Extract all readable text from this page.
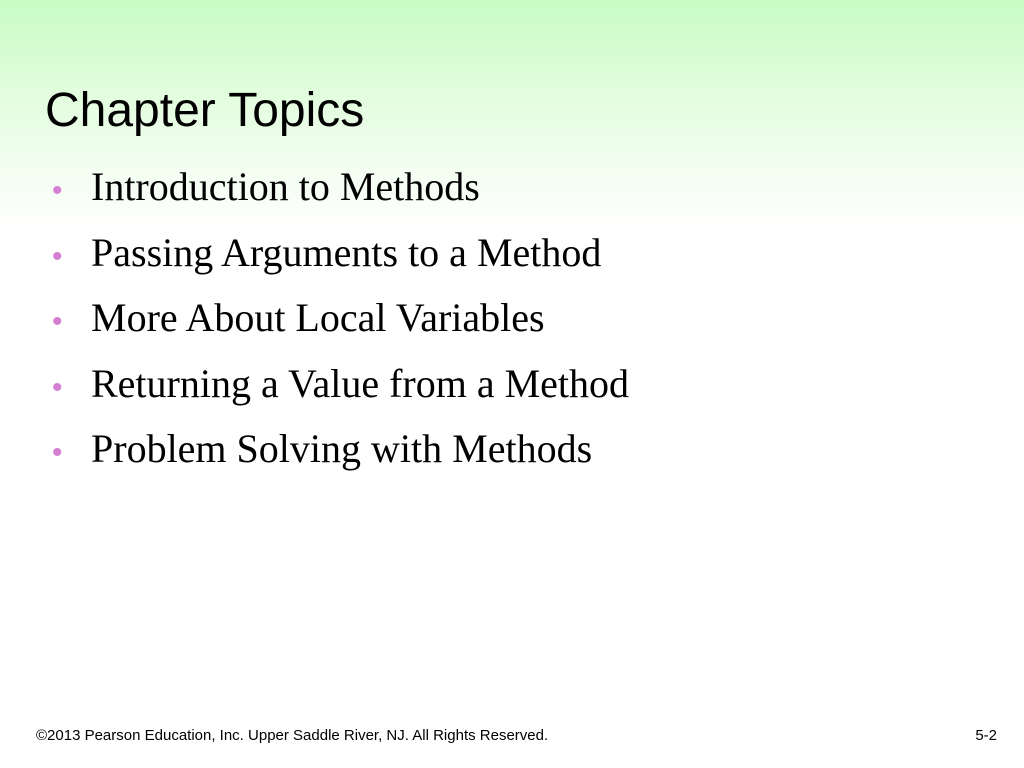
Chapter Topics
• Introduction to Methods
• Passing Arguments to a Method
• More About Local Variables
• Returning a Value from a Method
• Problem Solving with Methods
©2013 Pearson Education, Inc. Upper Saddle River, NJ. All Rights Reserved.	5-2
